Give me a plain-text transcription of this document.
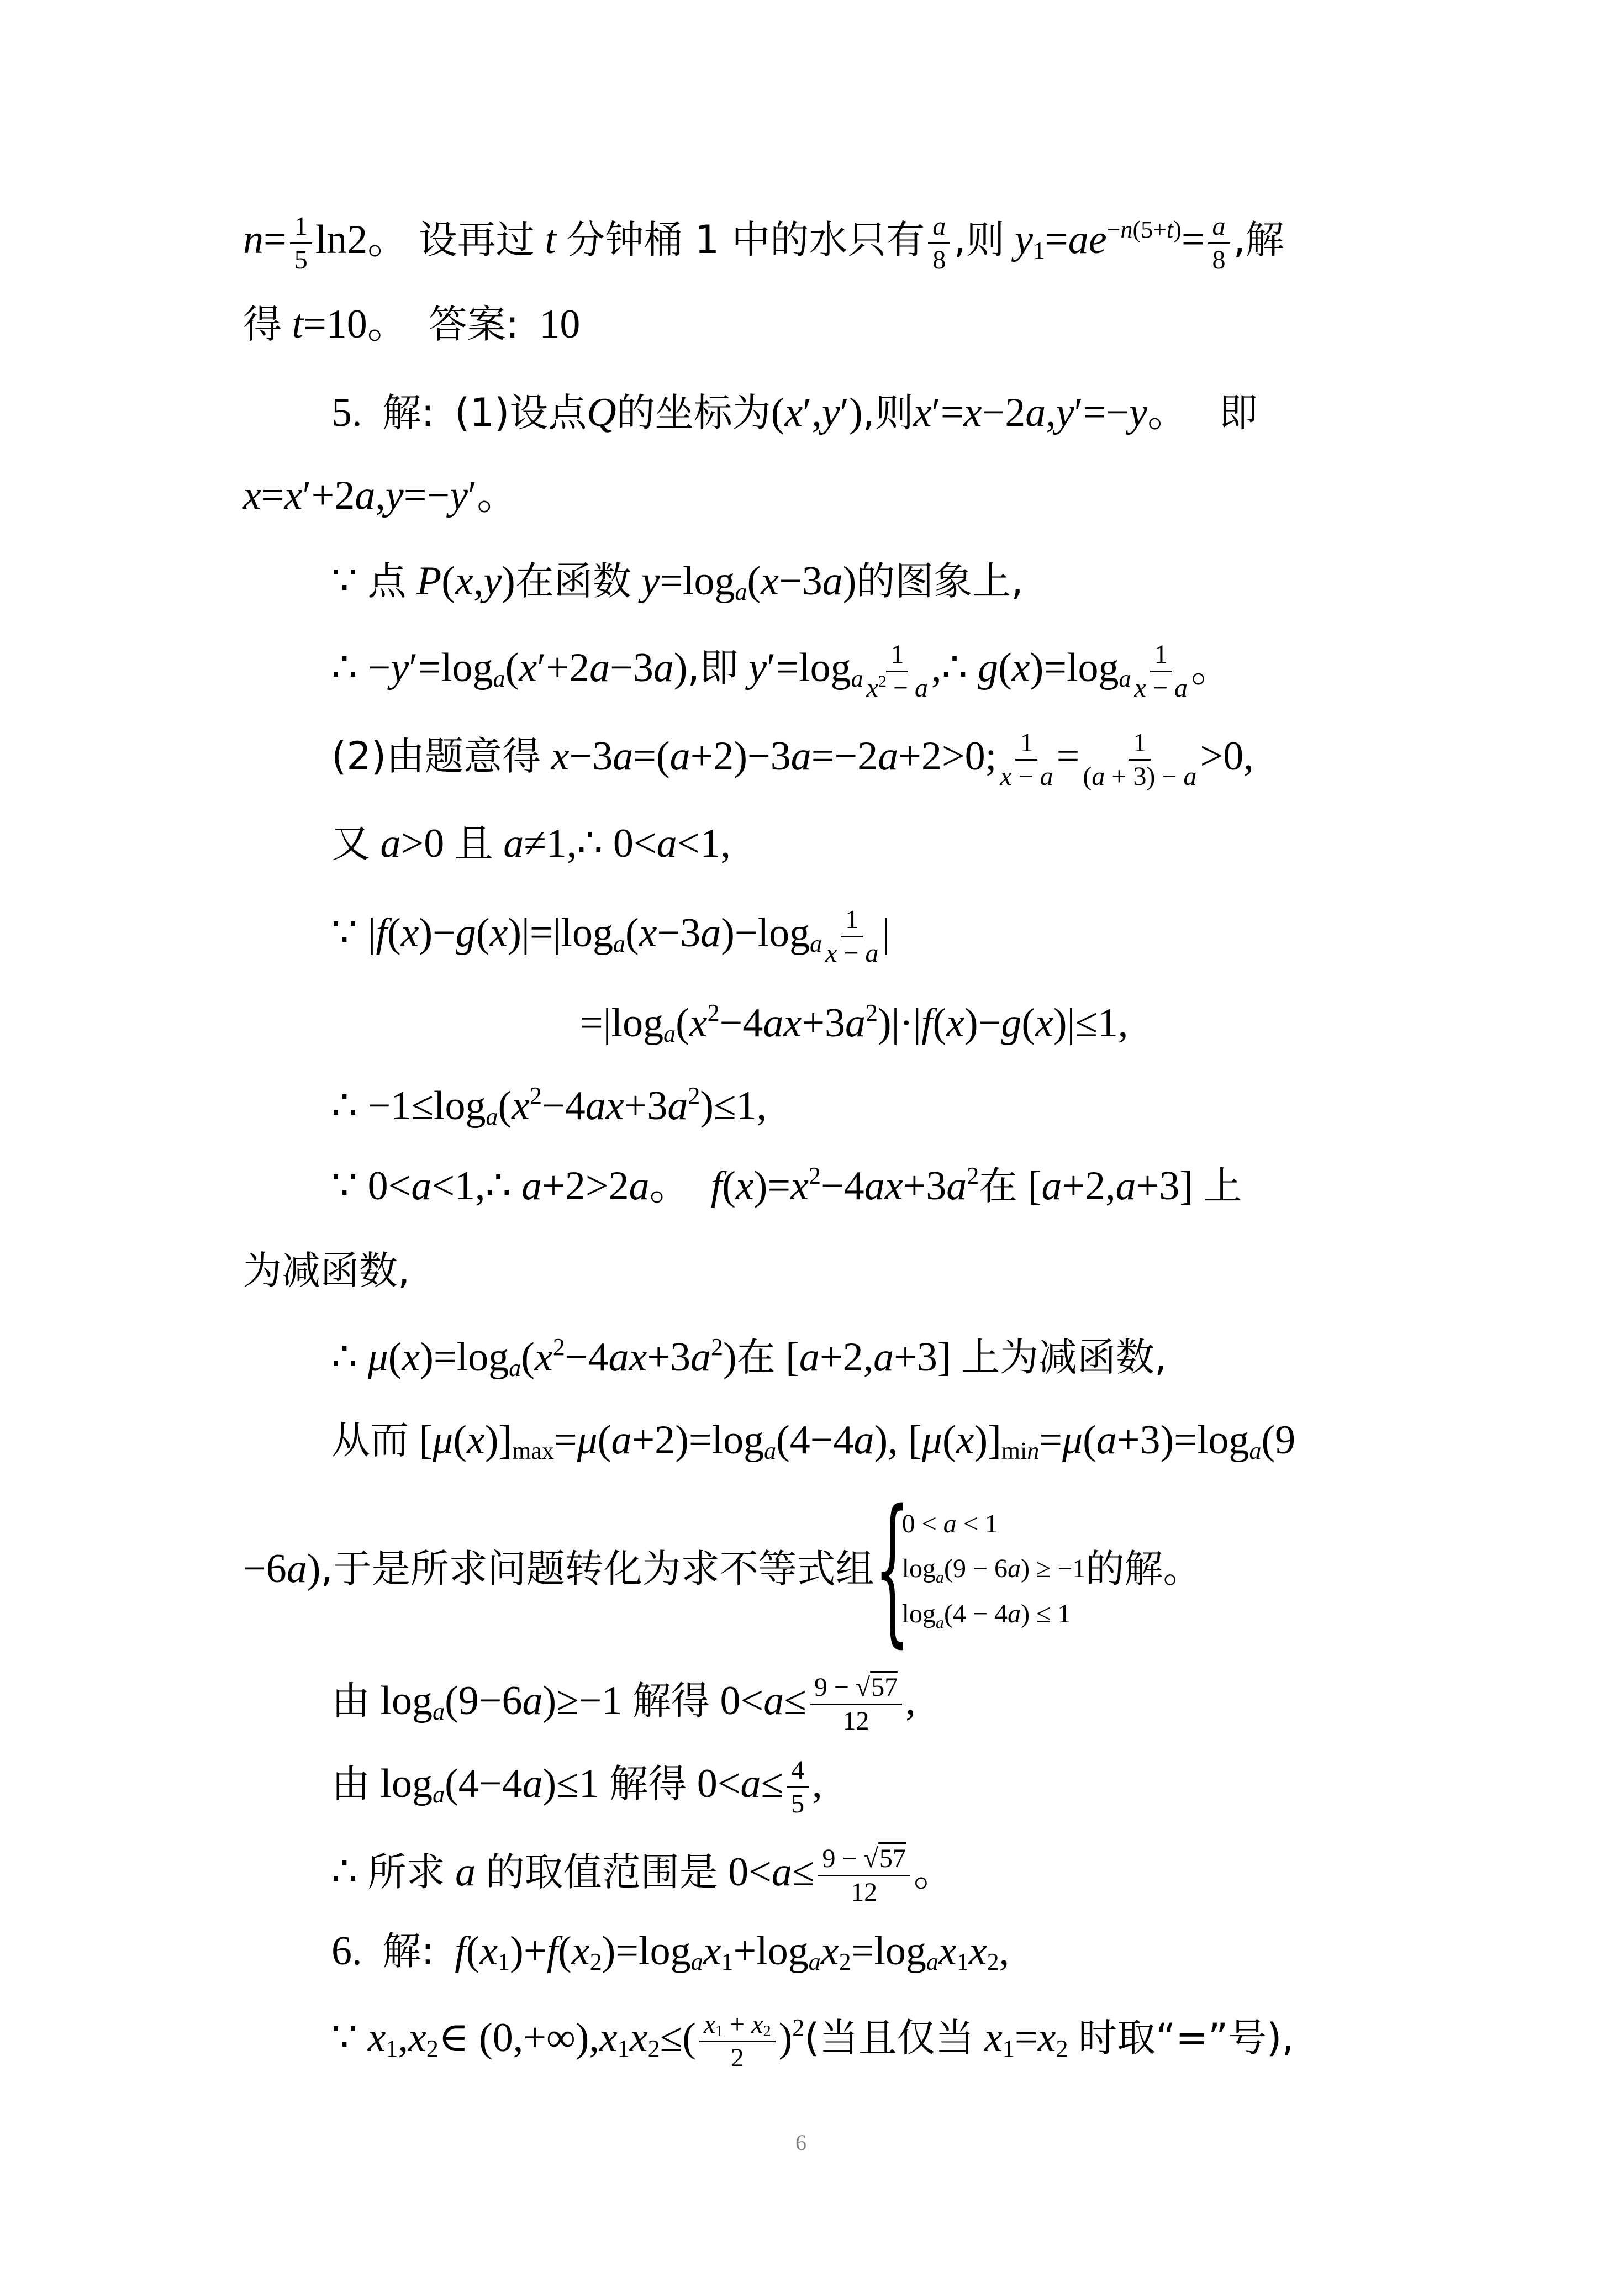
$n= \frac{1}{5} \ln 2$。 设再过 t 分钟桶 1 中的水只有 $\frac{a}{8}$ ,则 $y_1=ae^{-n(5+t)}= \frac{a}{8}$ ,解
得 t=10。  答案: 10
5. 解: (1)设点Q的坐标为(x′,y′),则x′=x−2a,y′=−y。   即
x=x′+2a,y=−y′。
∵ 点 P(x,y)在函数 $y=\log_a(x-3a)$的图象上,
∴ $-y'=\log_a(x'+2a-3a)$,即 $y'=\log_a \frac{1}{x^2 - a}$ ,∴ $g(x)=\log_a \frac{1}{x - a}$ 。
(2)由题意得 x−3a=(a+2)−3a=−2a+2>0; $\frac{1}{x - a} = \frac{1}{(a + 3) - a} >0$,
又 a>0 且 a≠1,∴ 0<a<1,
∵ $|f(x)-g(x)|=|\log_a(x-3a)-\log_a \frac{1}{x - a}$ |
$=|\log_a(x^2-4ax+3a^2)|\cdot|f(x)-g(x)|\le 1$,
∴ $-1\le\log_a(x^2-4ax+3a^2)\le 1$,
∵ 0<a<1,∴ a+2>2a。  $f(x)=x^2-4ax+3a^2$在 [a+2,a+3] 上
为减函数,
∴ $\mu(x)=\log_a(x^2-4ax+3a^2)$在 [a+2,a+3] 上为减函数,
从而 $[\mu(x)]_{max}=\mu(a+2)=\log_a(4-4a)$, $[\mu(x)]_{min}=\mu(a+3)=\log_a(9$
−6a) ,于是所求问题转化为求不等式组 {
0 < a < 1
$\log_a(9 - 6a) \ge -1$
$\log_a(4 - 4a) \le 1$
的解。
由 $\log_a(9-6a)\ge-1$ 解得 $0<a\le \frac{9 - √57}{12}$ ,
由 $\log_a(4-4a)\le 1$ 解得 $0<a\le \frac{4}{5}$ ,
∴ 所求 a 的取值范围是 $0<a\le \frac{9 - √57}{12}$ 。
6. 解: $f(x_1)+f(x_2)=\log_ax_1+\log_ax_2=\log_ax_1x_2$,
∵ $x_1,x_2\in$ $(0,+\infty),x_1x_2\le( \frac{x_1 + x_2}{2} )^2$(当且仅当 $x_1=x_2$ 时取“=”号),
6
